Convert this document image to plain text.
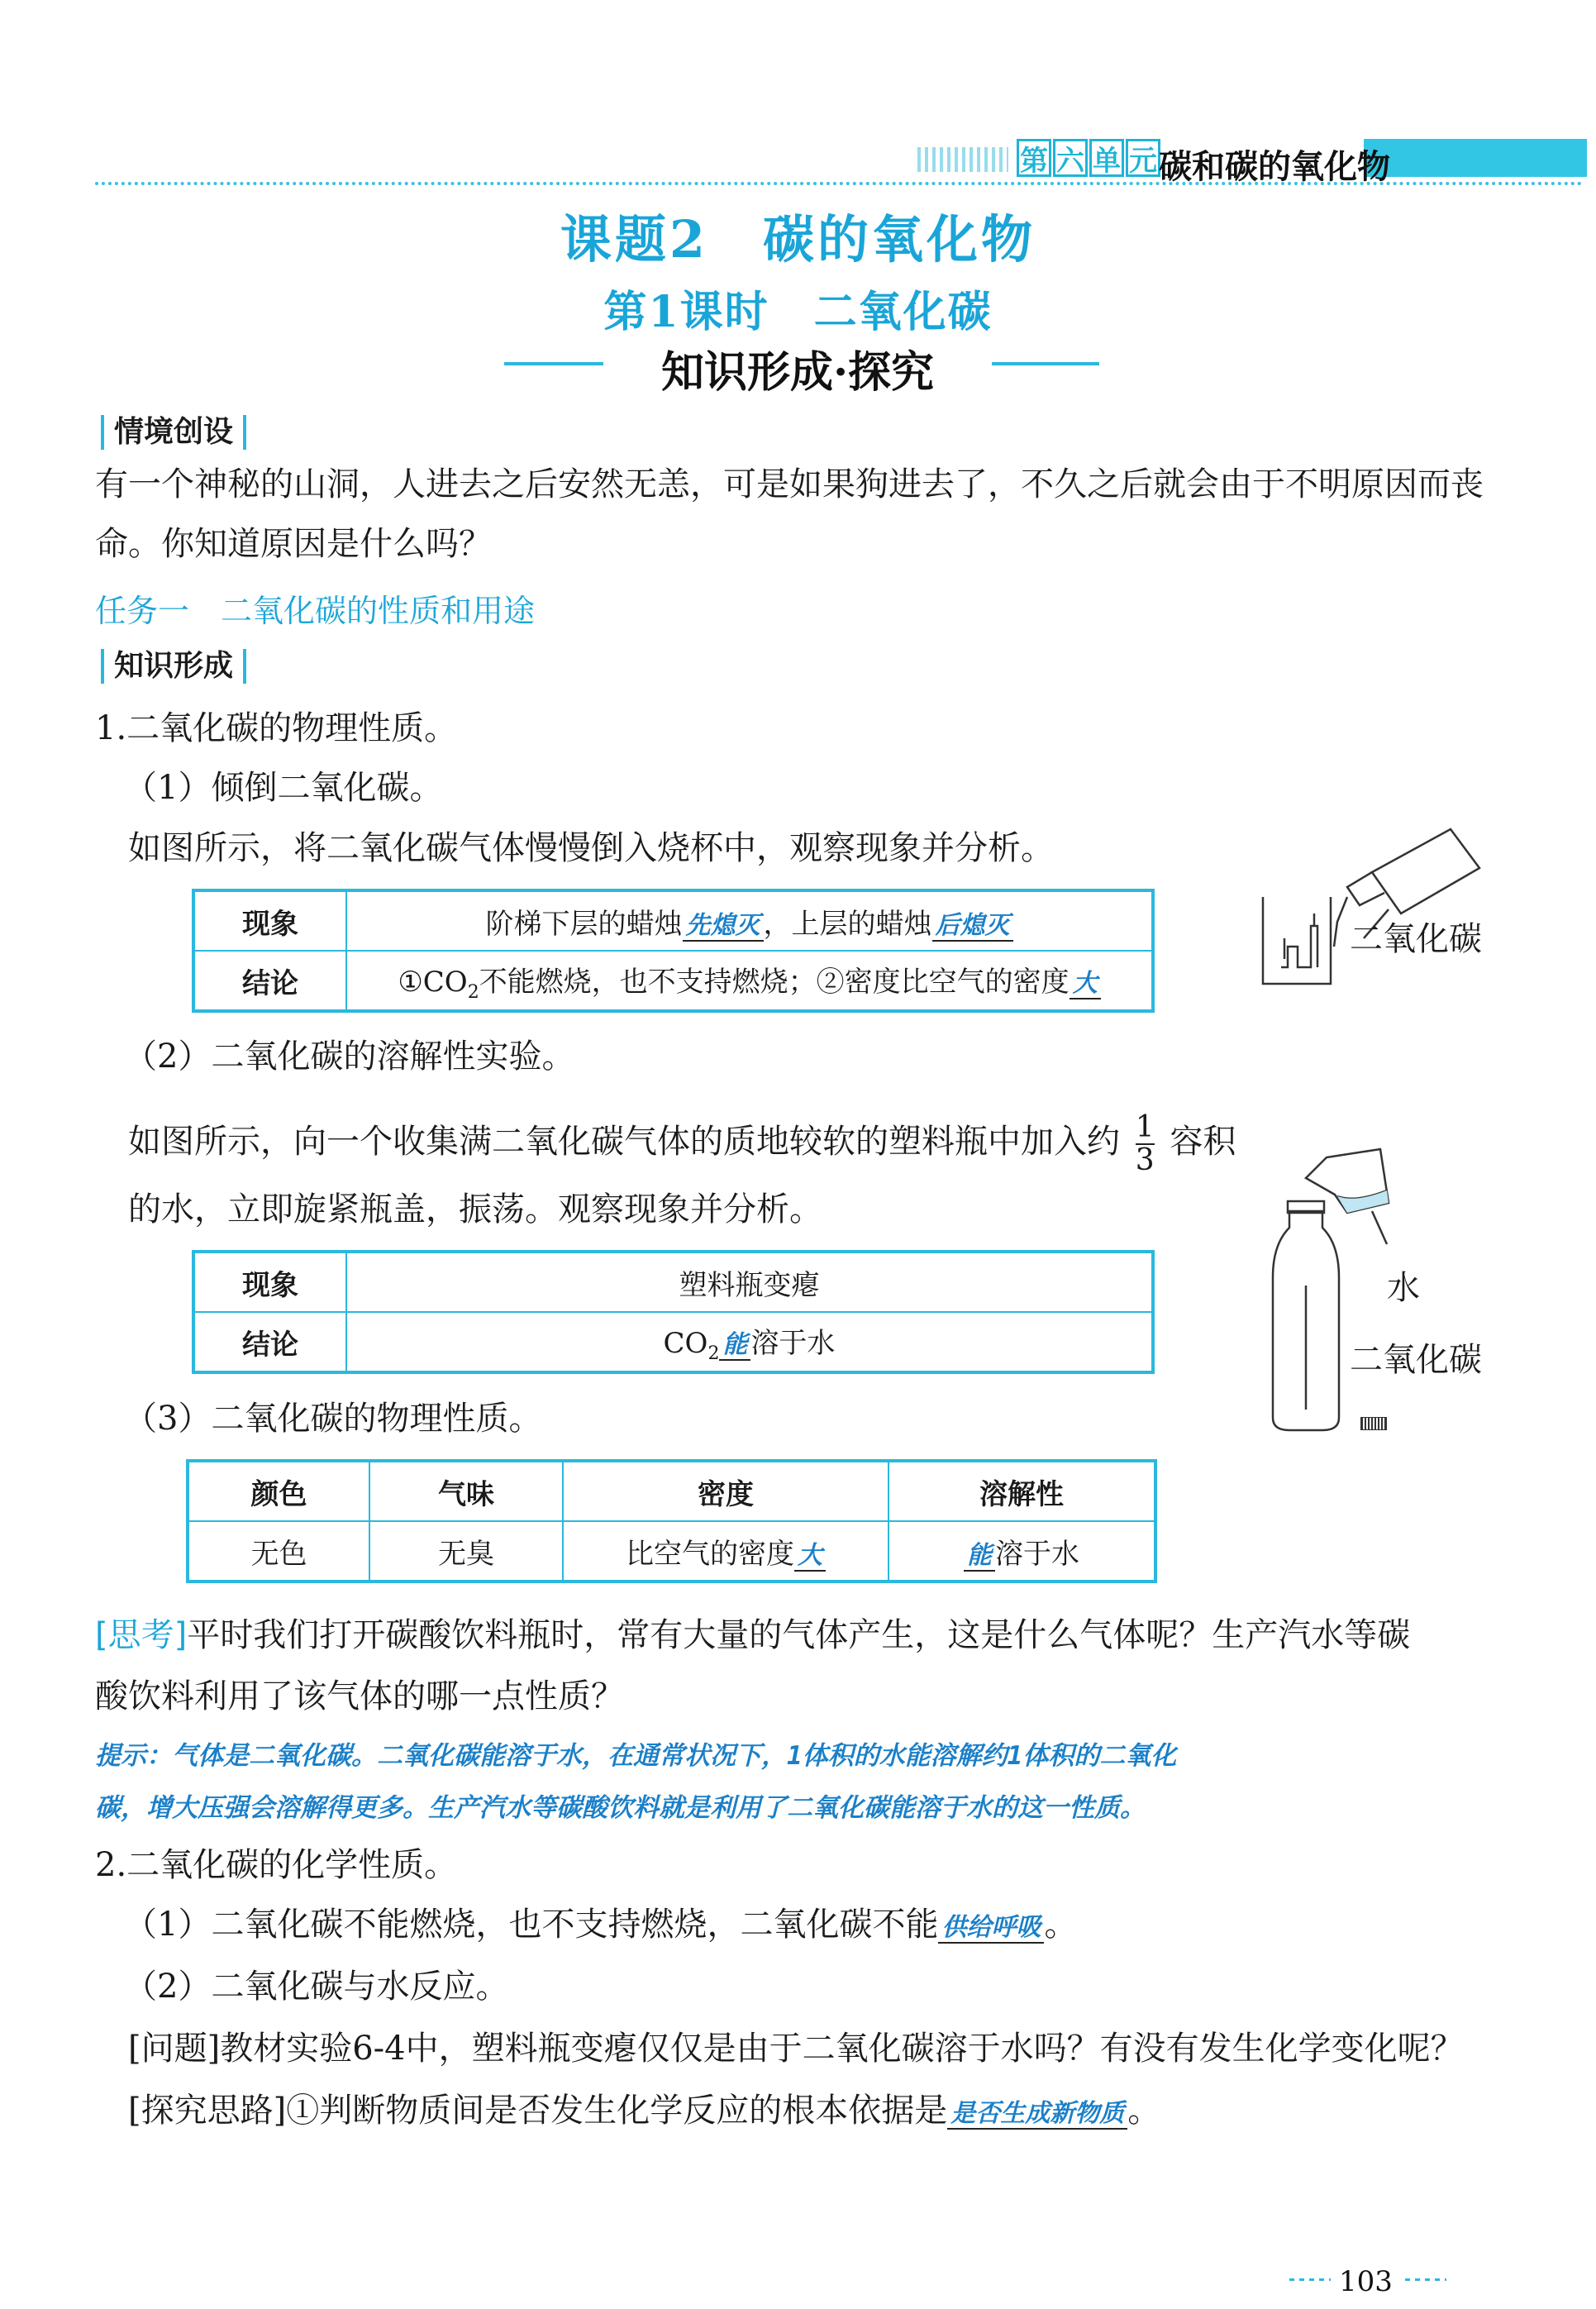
第 六 单 元 碳和碳的氧化物
课题2　碳的氧化物
第1课时　二氧化碳
知识形成·探究
情境创设
有一个神秘的山洞，人进去之后安然无恙，可是如果狗进去了，不久之后就会由于不明原因而丧
命。你知道原因是什么吗？
任务一　二氧化碳的性质和用途
知识形成
1.二氧化碳的物理性质。
（1）倾倒二氧化碳。
如图所示，将二氧化碳气体慢慢倒入烧杯中，观察现象并分析。
现象	阶梯下层的蜡烛 先熄灭 ，上层的蜡烛 后熄灭
结论	$①CO_2$不能燃烧，也不支持燃烧；②密度比空气的密度 大
二氧化碳
（2）二氧化碳的溶解性实验。
如图所示，向一个收集满二氧化碳气体的质地较软的塑料瓶中加入约 $\frac{1}{3}$ 容积
的水，立即旋紧瓶盖，振荡。观察现象并分析。
现象	塑料瓶变瘪
结论	$CO_2$ 能 溶于水
水
二氧化碳
（3）二氧化碳的物理性质。
颜色	气味	密度	溶解性
无色	无臭	比空气的密度 大	能 溶于水
[思考]平时我们打开碳酸饮料瓶时，常有大量的气体产生，这是什么气体呢？生产汽水等碳
酸饮料利用了该气体的哪一点性质？
提示：气体是二氧化碳。二氧化碳能溶于水，在通常状况下，1体积的水能溶解约1体积的二氧化
碳，增大压强会溶解得更多。生产汽水等碳酸饮料就是利用了二氧化碳能溶于水的这一性质。
2.二氧化碳的化学性质。
（1）二氧化碳不能燃烧，也不支持燃烧，二氧化碳不能 供给呼吸 。
（2）二氧化碳与水反应。
[问题]教材实验6-4中，塑料瓶变瘪仅仅是由于二氧化碳溶于水吗？有没有发生化学变化呢？
[探究思路]①判断物质间是否发生化学反应的根本依据是 是否生成新物质 。
103
